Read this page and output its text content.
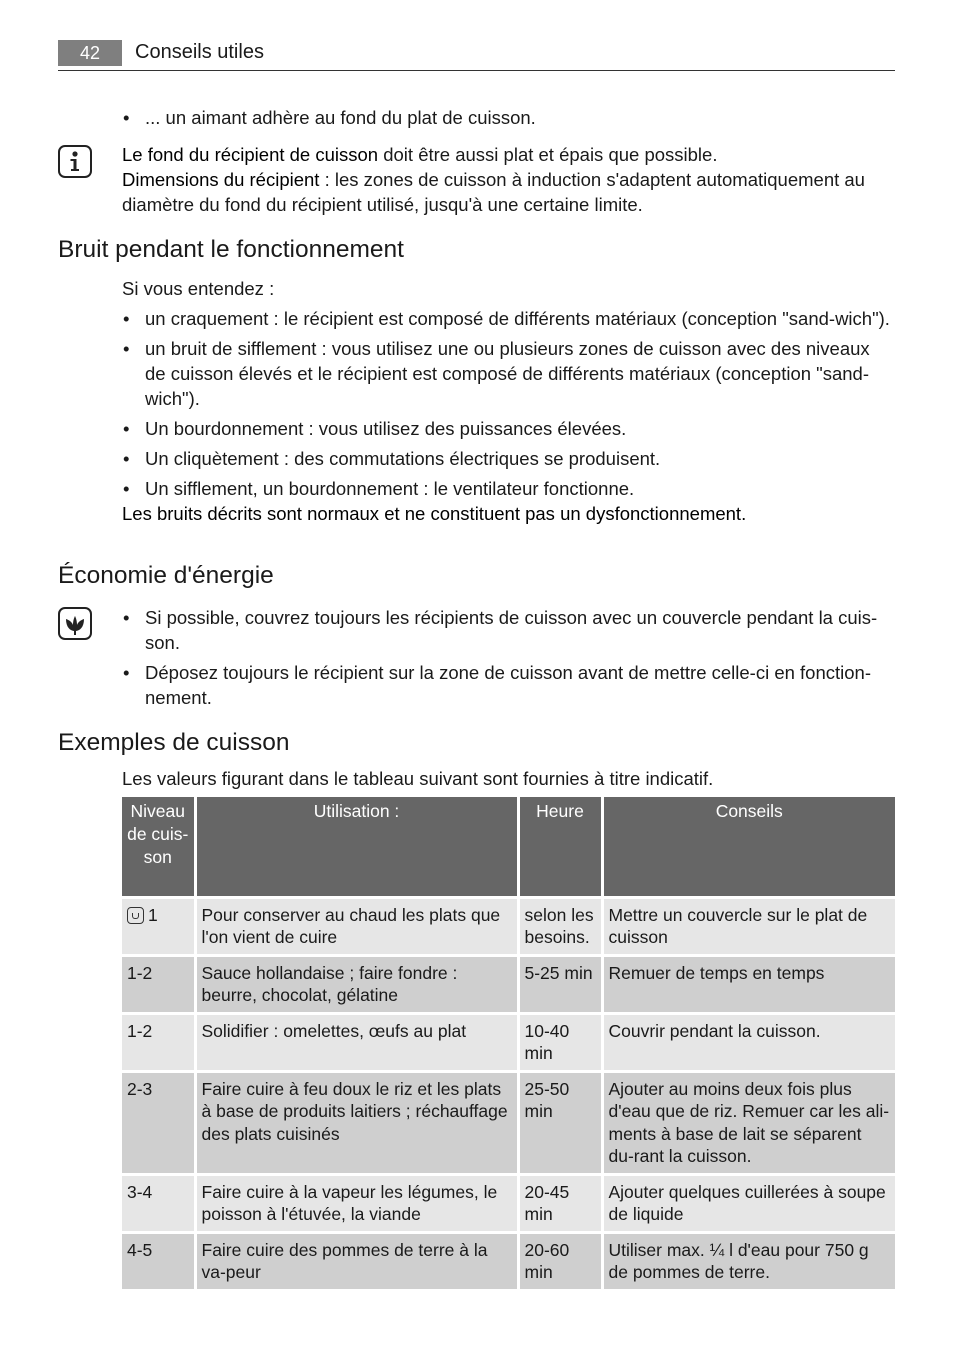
42	Conseils utiles
• ... un aimant adhère au fond du plat de cuisson.
Le fond du récipient de cuisson doit être aussi plat et épais que possible.
Dimensions du récipient : les zones de cuisson à induction s'adaptent automatiquement au diamètre du fond du récipient utilisé, jusqu'à une certaine limite.
Bruit pendant le fonctionnement
Si vous entendez :
• un craquement : le récipient est composé de différents matériaux (conception "sand-wich").
• un bruit de sifflement : vous utilisez une ou plusieurs zones de cuisson avec des niveaux de cuisson élevés et le récipient est composé de différents matériaux (conception "sand-wich").
• Un bourdonnement : vous utilisez des puissances élevées.
• Un cliquètement : des commutations électriques se produisent.
• Un sifflement, un bourdonnement : le ventilateur fonctionne.
Les bruits décrits sont normaux et ne constituent pas un dysfonctionnement.
Économie d'énergie
• Si possible, couvrez toujours les récipients de cuisson avec un couvercle pendant la cuis-son.
• Déposez toujours le récipient sur la zone de cuisson avant de mettre celle-ci en fonction-nement.
Exemples de cuisson
Les valeurs figurant dans le tableau suivant sont fournies à titre indicatif.
Niveau de cuis-son	Utilisation :	Heure	Conseils
1	Pour conserver au chaud les plats que l'on vient de cuire	selon les besoins.	Mettre un couvercle sur le plat de cuisson
1-2	Sauce hollandaise ; faire fondre : beurre, chocolat, gélatine	5-25 min	Remuer de temps en temps
1-2	Solidifier : omelettes, œufs au plat	10-40 min	Couvrir pendant la cuisson.
2-3	Faire cuire à feu doux le riz et les plats à base de produits laitiers ; réchauffage des plats cuisinés	25-50 min	Ajouter au moins deux fois plus d'eau que de riz. Remuer car les ali-ments à base de lait se séparent du-rant la cuisson.
3-4	Faire cuire à la vapeur les légumes, le poisson à l'étuvée, la viande	20-45 min	Ajouter quelques cuillerées à soupe de liquide
4-5	Faire cuire des pommes de terre à la va-peur	20-60 min	Utiliser max. ¼ l d'eau pour 750 g de pommes de terre.
